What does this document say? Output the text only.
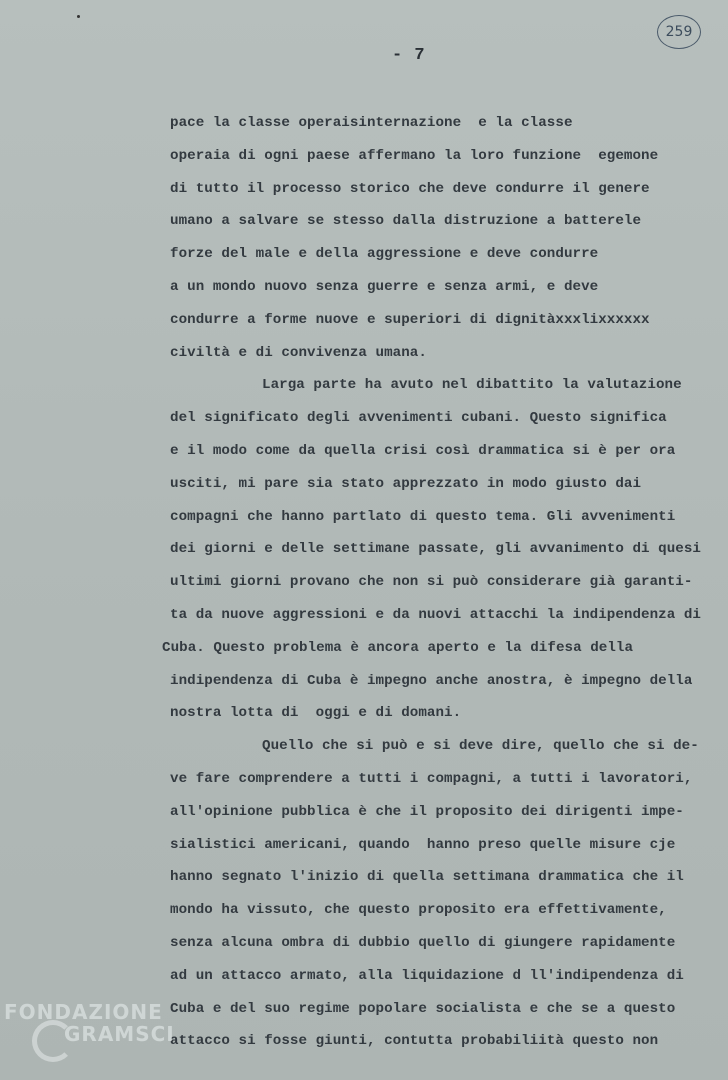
259
- 7
pace la classe operaisinternazione  e la classe
operaia di ogni paese affermano la loro funzione  egemone
di tutto il processo storico che deve condurre il genere
umano a salvare se stesso dalla distruzione a batterele
forze del male e della aggressione e deve condurre
a un mondo nuovo senza guerre e senza armi, e deve
condurre a forme nuove e superiori di dignitàxxxlixxxxxx
civiltà e di convivenza umana.
Larga parte ha avuto nel dibattito la valutazione
del significato degli avvenimenti cubani. Questo significa
e il modo come da quella crisi così drammatica si è per ora
usciti, mi pare sia stato apprezzato in modo giusto dai
compagni che hanno partlato di questo tema. Gli avvenimenti
dei giorni e delle settimane passate, gli avvanimento di quesi
ultimi giorni provano che non si può considerare già garanti-
ta da nuove aggressioni e da nuovi attacchi la indipendenza di
Cuba. Questo problema è ancora aperto e la difesa della
indipendenza di Cuba è impegno anche anostra, è impegno della
nostra lotta di  oggi e di domani.
Quello che si può e si deve dire, quello che si de-
ve fare comprendere a tutti i compagni, a tutti i lavoratori,
all'opinione pubblica è che il proposito dei dirigenti impe-
sialistici americani, quando  hanno preso quelle misure cje
hanno segnato l'inizio di quella settimana drammatica che il
mondo ha vissuto, che questo proposito era effettivamente,
senza alcuna ombra di dubbio quello di giungere rapidamente
ad un attacco armato, alla liquidazione d ll'indipendenza di
Cuba e del suo regime popolare socialista e che se a questo
attacco si fosse giunti, contutta probabiliità questo non
FONDAZIONE
GRAMSCI
